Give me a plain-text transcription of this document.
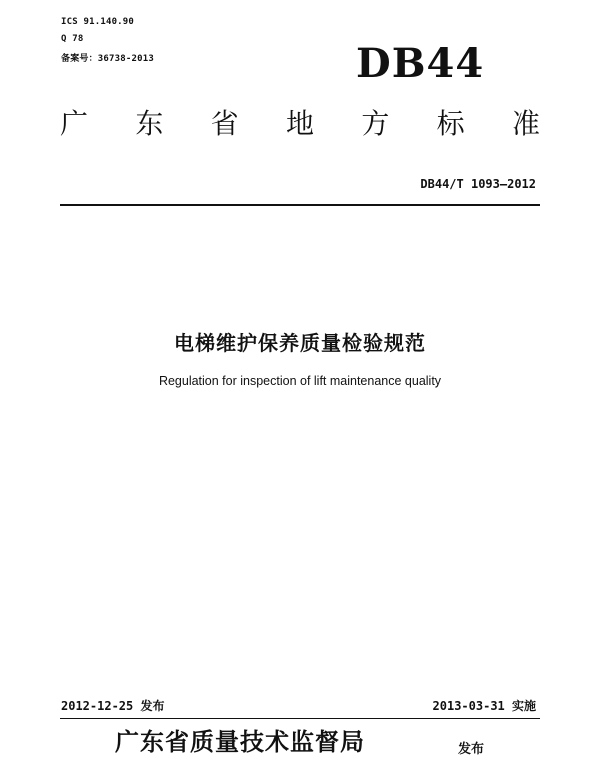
ICS 91.140.90
Q 78
备案号：36738-2013	DB44
广 东 省 地 方 标 准
DB44/T 1093—2012
电梯维护保养质量检验规范
Regulation for inspection of lift maintenance quality
2012-12-25 发布	2013-03-31 实施
广东省质量技术监督局	发布
